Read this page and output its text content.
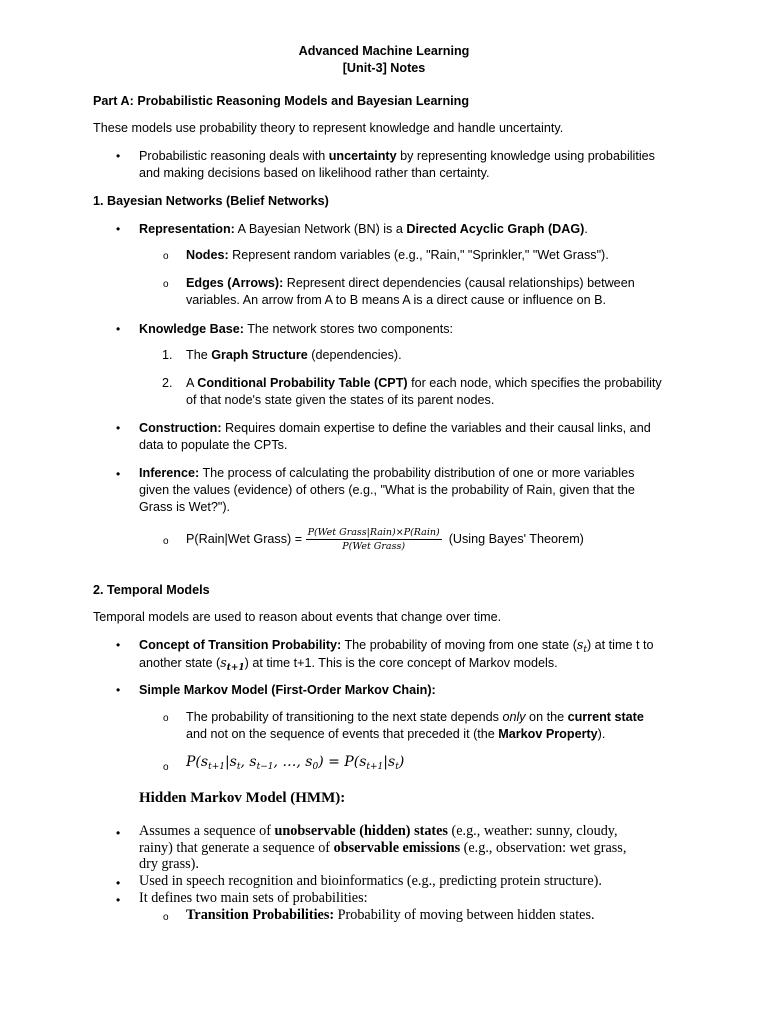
Advanced Machine Learning
[Unit-3] Notes
Part A: Probabilistic Reasoning Models and Bayesian Learning
These models use probability theory to represent knowledge and handle uncertainty.
• Probabilistic reasoning deals with uncertainty by representing knowledge using probabilities
and making decisions based on likelihood rather than certainty.
1. Bayesian Networks (Belief Networks)
• Representation: A Bayesian Network (BN) is a Directed Acyclic Graph (DAG).
o Nodes: Represent random variables (e.g., "Rain," "Sprinkler," "Wet Grass").
o Edges (Arrows): Represent direct dependencies (causal relationships) between
variables. An arrow from A to B means A is a direct cause or influence on B.
• Knowledge Base: The network stores two components:
1. The Graph Structure (dependencies).
2. A Conditional Probability Table (CPT) for each node, which specifies the probability
of that node's state given the states of its parent nodes.
• Construction: Requires domain expertise to define the variables and their causal links, and
data to populate the CPTs.
• Inference: The process of calculating the probability distribution of one or more variables
given the values (evidence) of others (e.g., "What is the probability of Rain, given that the
Grass is Wet?").
o P(Rain|Wet Grass) = $\frac{\text{P(Wet Grass|Rain)×P(Rain)}}{\text{P(Wet Grass)}} (Using$ Bayes' Theorem)
2. Temporal Models
Temporal models are used to reason about events that change over time.
• Concept of Transition Probability: The probability of moving from one state $(s_t)$ at time t to
another state $(s_{t+1})$ at time t+1. This is the core concept of Markov models.
• Simple Markov Model (First-Order Markov Chain):
o The probability of transitioning to the next state depends only on the current state
and not on the sequence of events that preceded it (the Markov Property).
o $P(s_{t+1}|s_t$, $s_{t-1}$, …, $s_0) = P(s_{t+1}|s_t)$
Hidden Markov Model (HMM):
• Assumes a sequence of unobservable (hidden) states (e.g., weather: sunny, cloudy,
rainy) that generate a sequence of observable emissions (e.g., observation: wet grass,
dry grass).
• Used in speech recognition and bioinformatics (e.g., predicting protein structure).
• It defines two main sets of probabilities:
o Transition Probabilities: Probability of moving between hidden states.
